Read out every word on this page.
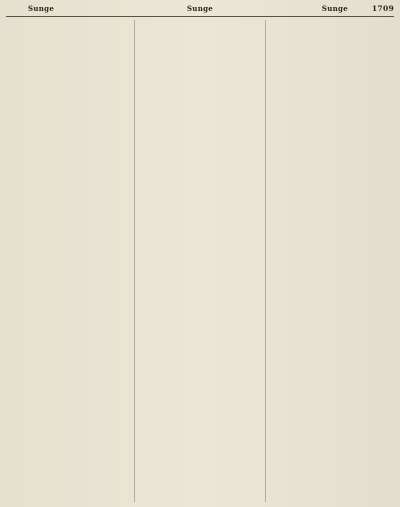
Sunge	Sunge	Sunge	1709
